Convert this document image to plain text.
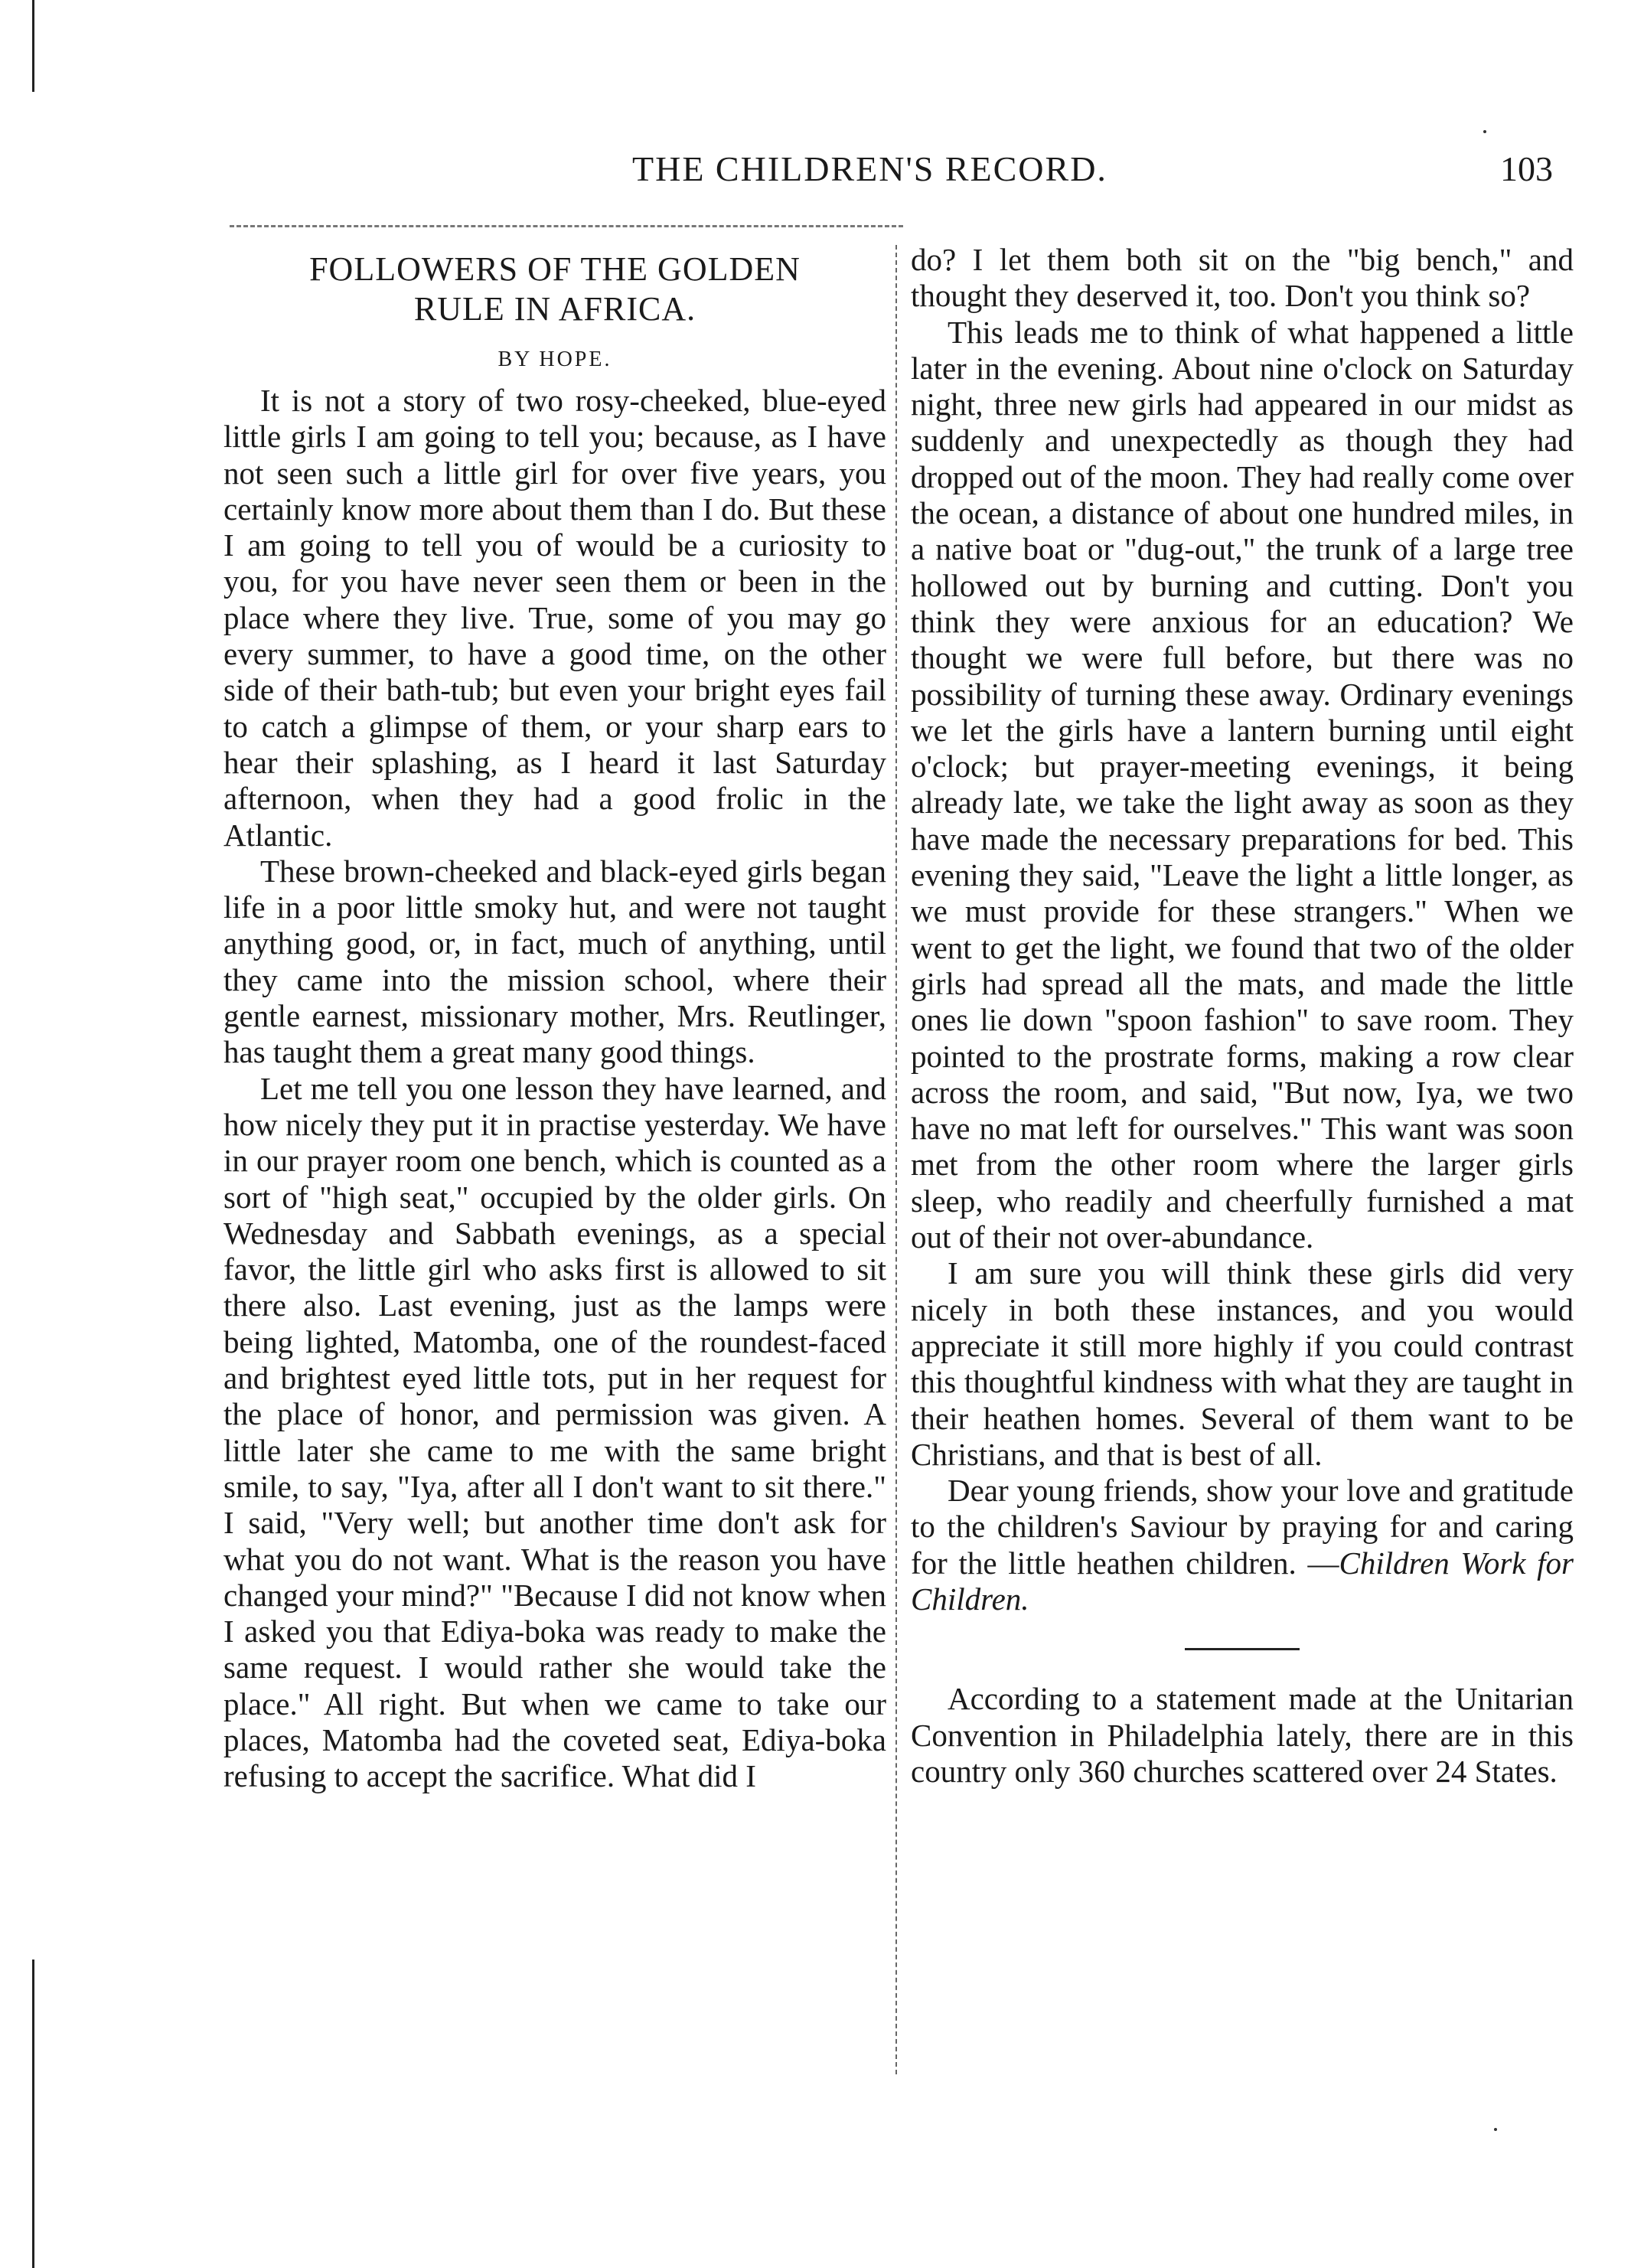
THE CHILDREN'S RECORD.	103
FOLLOWERS OF THE GOLDEN
RULE IN AFRICA.
BY HOPE.

It is not a story of two rosy-cheeked, blue-eyed little girls I am going to tell you; because, as I have not seen such a little girl for over five years, you certainly know more about them than I do. But these I am going to tell you of would be a curiosity to you, for you have never seen them or been in the place where they live. True, some of you may go every summer, to have a good time, on the other side of their bath-tub; but even your bright eyes fail to catch a glimpse of them, or your sharp ears to hear their splashing, as I heard it last Saturday afternoon, when they had a good frolic in the Atlantic.

These brown-cheeked and black-eyed girls began life in a poor little smoky hut, and were not taught anything good, or, in fact, much of anything, until they came into the mission school, where their gentle earnest, missionary mother, Mrs. Reutlinger, has taught them a great many good things.

Let me tell you one lesson they have learned, and how nicely they put it in practise yesterday. We have in our prayer room one bench, which is counted as a sort of "high seat," occupied by the older girls. On Wednesday and Sabbath evenings, as a special favor, the little girl who asks first is allowed to sit there also. Last evening, just as the lamps were being lighted, Matomba, one of the roundest-faced and brightest eyed little tots, put in her request for the place of honor, and permission was given. A little later she came to me with the same bright smile, to say, "Iya, after all I don't want to sit there." I said, "Very well; but another time don't ask for what you do not want. What is the reason you have changed your mind?" "Because I did not know when I asked you that Ediya-boka was ready to make the same request. I would rather she would take the place." All right. But when we came to take our places, Matomba had the coveted seat, Ediya-boka refusing to accept the sacrifice. What did I

do? I let them both sit on the "big bench," and thought they deserved it, too. Don't you think so?

This leads me to think of what happened a little later in the evening. About nine o'clock on Saturday night, three new girls had appeared in our midst as suddenly and unexpectedly as though they had dropped out of the moon. They had really come over the ocean, a distance of about one hundred miles, in a native boat or "dug-out," the trunk of a large tree hollowed out by burning and cutting. Don't you think they were anxious for an education? We thought we were full before, but there was no possibility of turning these away. Ordinary evenings we let the girls have a lantern burning until eight o'clock; but prayer-meeting evenings, it being already late, we take the light away as soon as they have made the necessary preparations for bed. This evening they said, "Leave the light a little longer, as we must provide for these strangers." When we went to get the light, we found that two of the older girls had spread all the mats, and made the little ones lie down "spoon fashion" to save room. They pointed to the prostrate forms, making a row clear across the room, and said, "But now, Iya, we two have no mat left for ourselves." This want was soon met from the other room where the larger girls sleep, who readily and cheerfully furnished a mat out of their not over-abundance.

I am sure you will think these girls did very nicely in both these instances, and you would appreciate it still more highly if you could contrast this thoughtful kindness with what they are taught in their heathen homes. Several of them want to be Christians, and that is best of all.

Dear young friends, show your love and gratitude to the children's Saviour by praying for and caring for the little heathen children. —Children Work for Children.

According to a statement made at the Unitarian Convention in Philadelphia lately, there are in this country only 360 churches scattered over 24 States.
